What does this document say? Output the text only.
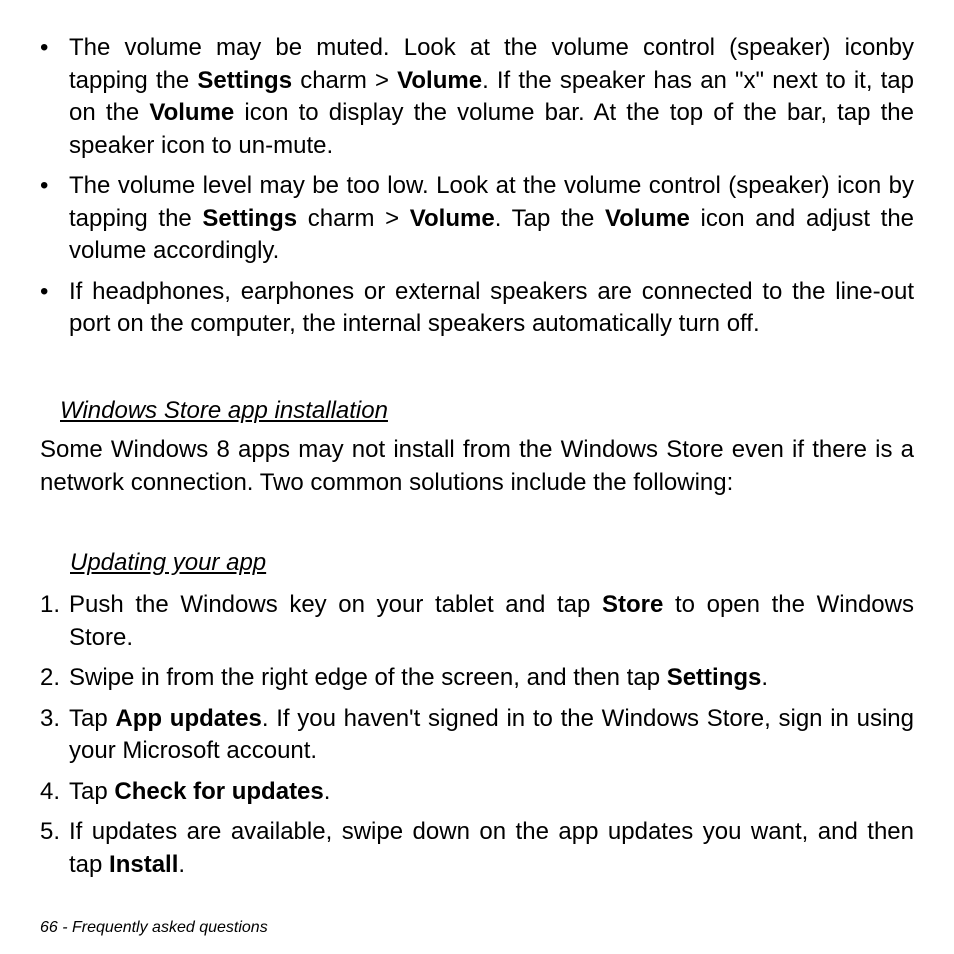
• The volume may be muted. Look at the volume control (speaker) iconby tapping the Settings charm > Volume. If the speaker has an "x" next to it, tap on the Volume icon to display the volume bar. At the top of the bar, tap the speaker icon to un-mute.
• The volume level may be too low. Look at the volume control (speaker) icon by tapping the Settings charm > Volume. Tap the Volume icon and adjust the volume accordingly.
• If headphones, earphones or external speakers are connected to the line-out port on the computer, the internal speakers automatically turn off.
Windows Store app installation

Some Windows 8 apps may not install from the Windows Store even if there is a network connection. Two common solutions include the following:

Updating your app
1. Push the Windows key on your tablet and tap Store to open the Windows Store.
2. Swipe in from the right edge of the screen, and then tap Settings.
3. Tap App updates. If you haven't signed in to the Windows Store, sign in using your Microsoft account.
4. Tap Check for updates.
5. If updates are available, swipe down on the app updates you want, and then tap Install.
66 - Frequently asked questions
